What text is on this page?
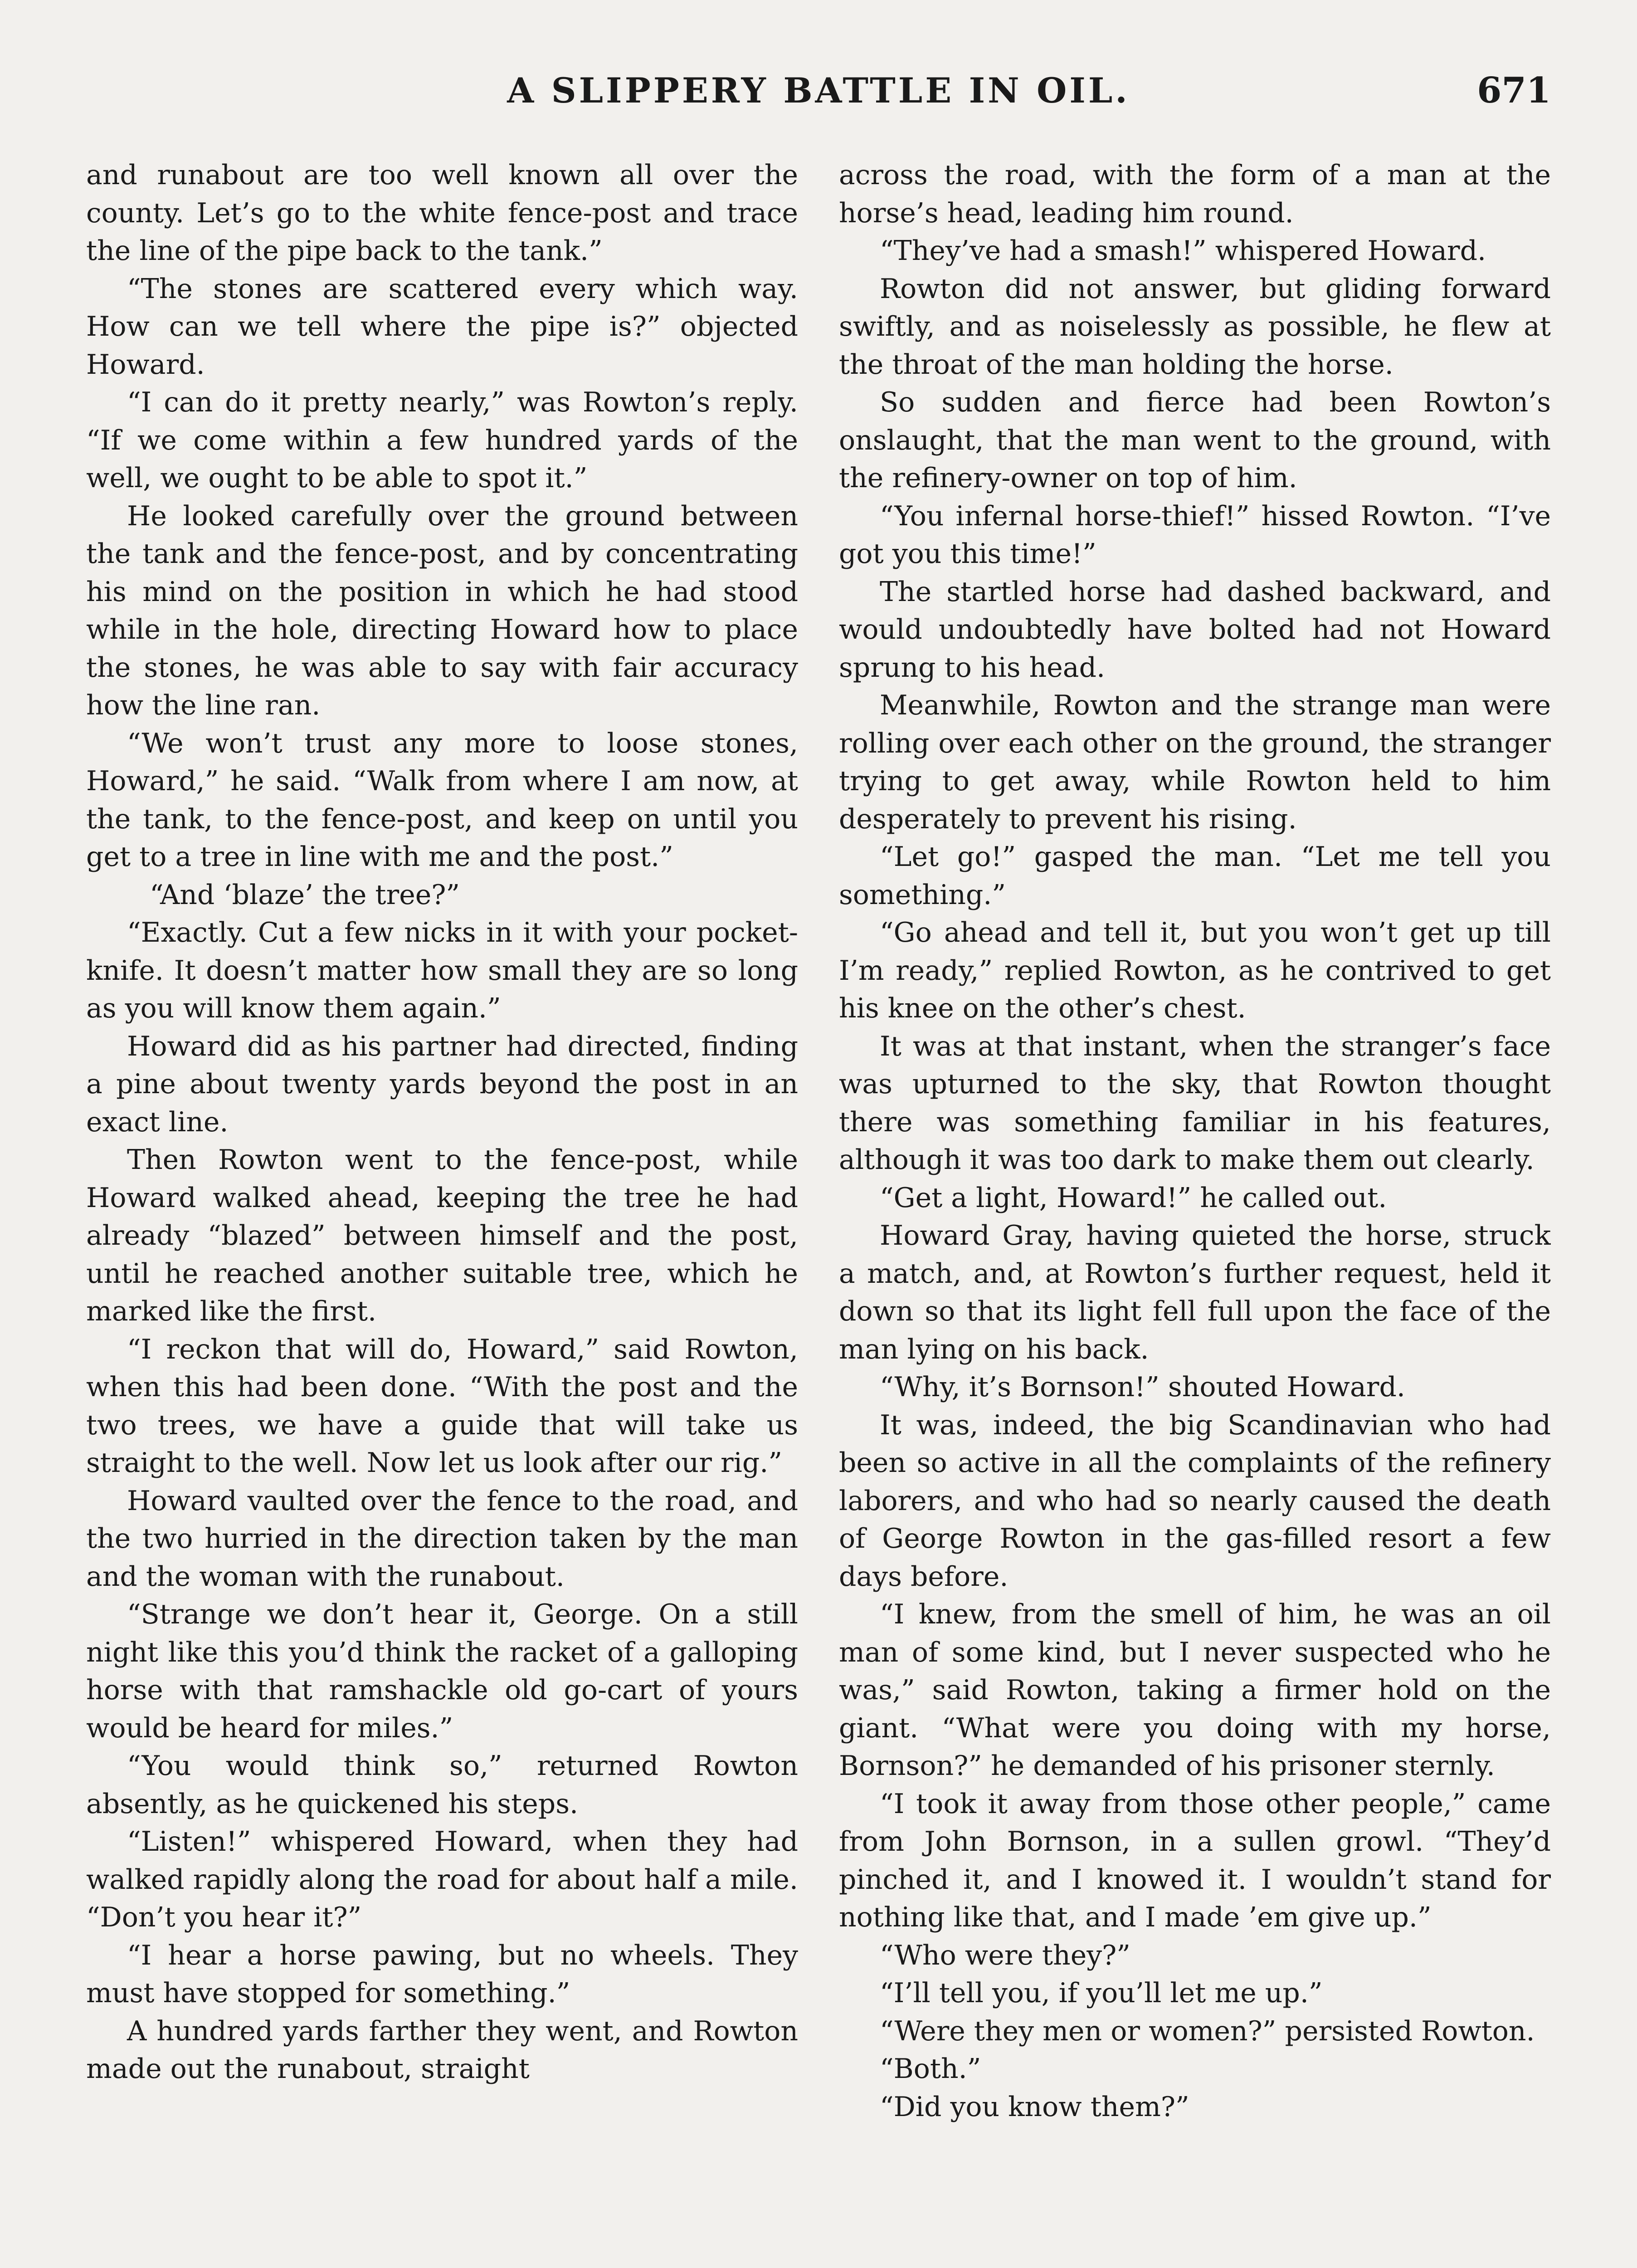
A SLIPPERY BATTLE IN OIL.	671

and runabout are too well known all over the county. Let’s go to the white fence-post and trace the line of the pipe back to the tank.”

“The stones are scattered every which way. How can we tell where the pipe is?” objected Howard.

“I can do it pretty nearly,” was Rowton’s reply. “If we come within a few hundred yards of the well, we ought to be able to spot it.”

He looked carefully over the ground between the tank and the fence-post, and by concentrating his mind on the position in which he had stood while in the hole, directing Howard how to place the stones, he was able to say with fair accuracy how the line ran.

“We won’t trust any more to loose stones, Howard,” he said. “Walk from where I am now, at the tank, to the fence-post, and keep on until you get to a tree in line with me and the post.”

“And ‘blaze’ the tree?”

“Exactly. Cut a few nicks in it with your pocket-knife. It doesn’t matter how small they are so long as you will know them again.”

Howard did as his partner had directed, finding a pine about twenty yards beyond the post in an exact line.

Then Rowton went to the fence-post, while Howard walked ahead, keeping the tree he had already “blazed” between himself and the post, until he reached another suitable tree, which he marked like the first.

“I reckon that will do, Howard,” said Rowton, when this had been done. “With the post and the two trees, we have a guide that will take us straight to the well. Now let us look after our rig.”

Howard vaulted over the fence to the road, and the two hurried in the direction taken by the man and the woman with the runabout.

“Strange we don’t hear it, George. On a still night like this you’d think the racket of a galloping horse with that ramshackle old go-cart of yours would be heard for miles.”

“You would think so,” returned Rowton absently, as he quickened his steps.

“Listen!” whispered Howard, when they had walked rapidly along the road for about half a mile. “Don’t you hear it?”

“I hear a horse pawing, but no wheels. They must have stopped for something.”

A hundred yards farther they went, and Rowton made out the runabout, straight

across the road, with the form of a man at the horse’s head, leading him round.

“They’ve had a smash!” whispered Howard.

Rowton did not answer, but gliding forward swiftly, and as noiselessly as possible, he flew at the throat of the man holding the horse.

So sudden and fierce had been Rowton’s onslaught, that the man went to the ground, with the refinery-owner on top of him.

“You infernal horse-thief!” hissed Rowton. “I’ve got you this time!”

The startled horse had dashed backward, and would undoubtedly have bolted had not Howard sprung to his head.

Meanwhile, Rowton and the strange man were rolling over each other on the ground, the stranger trying to get away, while Rowton held to him desperately to prevent his rising.

“Let go!” gasped the man. “Let me tell you something.”

“Go ahead and tell it, but you won’t get up till I’m ready,” replied Rowton, as he contrived to get his knee on the other’s chest.

It was at that instant, when the stranger’s face was upturned to the sky, that Rowton thought there was something familiar in his features, although it was too dark to make them out clearly.

“Get a light, Howard!” he called out.

Howard Gray, having quieted the horse, struck a match, and, at Rowton’s further request, held it down so that its light fell full upon the face of the man lying on his back.

“Why, it’s Bornson!” shouted Howard.

It was, indeed, the big Scandinavian who had been so active in all the complaints of the refinery laborers, and who had so nearly caused the death of George Rowton in the gas-filled resort a few days before.

“I knew, from the smell of him, he was an oil man of some kind, but I never suspected who he was,” said Rowton, taking a firmer hold on the giant. “What were you doing with my horse, Bornson?” he demanded of his prisoner sternly.

“I took it away from those other people,” came from John Bornson, in a sullen growl. “They’d pinched it, and I knowed it. I wouldn’t stand for nothing like that, and I made ’em give up.”

“Who were they?”

“I’ll tell you, if you’ll let me up.”

“Were they men or women?” persisted Rowton.

“Both.”

“Did you know them?”
